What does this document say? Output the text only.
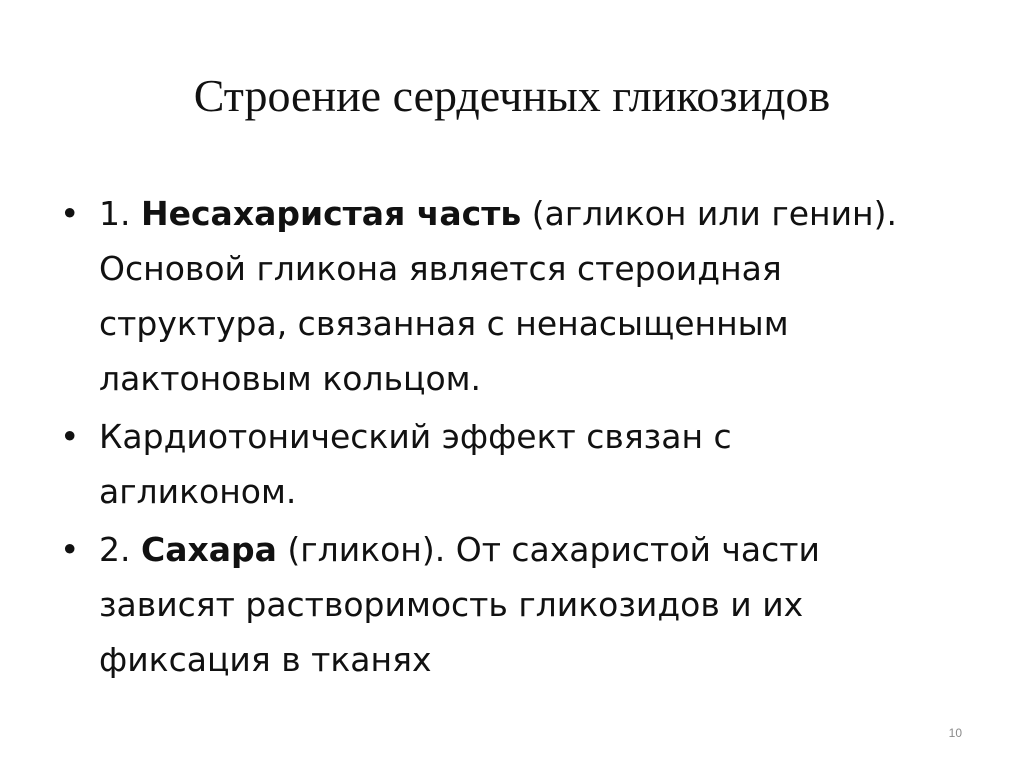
Строение сердечных гликозидов
• 1. Несахаристая часть (агликон или генин).
Основой гликона является стероидная
структура, связанная с ненасыщенным
лактоновым кольцом.
• Кардиотонический эффект связан с
агликоном.
• 2. Сахара (гликон). От сахаристой части
зависят растворимость гликозидов и их
фиксация в тканях
10
